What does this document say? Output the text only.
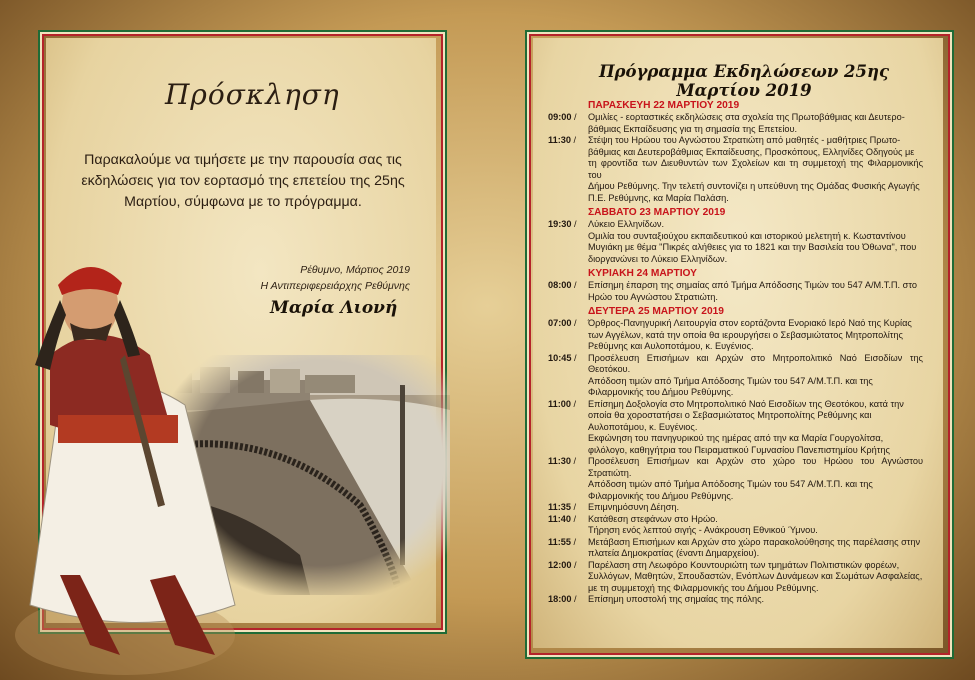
Πρόσκληση
Παρακαλούμε να τιμήσετε με την παρουσία σας τις
εκδηλώσεις για τον εορτασμό της επετείου της 25ης
Μαρτίου, σύμφωνα με το πρόγραμμα.
Ρέθυμνο, Μάρτιος 2019
Η Αντιπεριφερειάρχης Ρεθύμνης
Μαρία Λιονή
Πρόγραμμα Εκδηλώσεων 25ης Μαρτίου 2019
ΠΑΡΑΣΚΕΥΗ 22 ΜΑΡΤΙΟΥ 2019
09:00 /	Ομιλίες - εορταστικές εκδηλώσεις στα σχολεία της Πρωτοβάθμιας και Δευτερο-
βάθμιας Εκπαίδευσης για τη σημασία της Επετείου.
11:30 /	Στέψη του Ηρώου του Αγνώστου Στρατιώτη από μαθητές - μαθήτριες Πρωτο-
βάθμιας και Δευτεροβάθμιας Εκπαίδευσης, Προσκόπους, Ελληνίδες Οδηγούς με
τη φροντίδα των Διευθυντών των Σχολείων και τη συμμετοχή της Φιλαρμονικής του
Δήμου Ρεθύμνης. Την τελετή συντονίζει η υπεύθυνη της Ομάδας Φυσικής Αγωγής
Π.Ε. Ρεθύμνης, κα Μαρία Παλάση.
ΣΑΒΒΑΤΟ 23 ΜΑΡΤΙΟΥ 2019
19:30 /	Λύκειο Ελληνίδων.
Ομιλία του συνταξιούχου εκπαιδευτικού και ιστορικού μελετητή κ. Κωσταντίνου
Μυγιάκη με θέμα "Πικρές αλήθειες για το 1821 και την Βασιλεία του Όθωνα", που
διοργανώνει το Λύκειο Ελληνίδων.
ΚΥΡΙΑΚΗ 24 ΜΑΡΤΙΟΥ
08:00 /	Επίσημη έπαρση της σημαίας από Τμήμα Απόδοσης Τιμών του 547 Α/Μ.Τ.Π. στο
Ηρώο του Αγνώστου Στρατιώτη.
ΔΕΥΤΕΡΑ 25 ΜΑΡΤΙΟΥ 2019
07:00 /	Όρθρος-Πανηγυρική Λειτουργία στον εορτάζοντα Ενοριακό Ιερό Ναό της Κυρίας
των Αγγέλων, κατά την οποία θα ιερουργήσει ο Σεβασμιώτατος Μητροπολίτης
Ρεθύμνης και Αυλοποτάμου, κ. Ευγένιος.
10:45 /	Προσέλευση Επισήμων και Αρχών στο Μητροπολιτικό Ναό Εισοδίων της Θεοτόκου.
Απόδοση τιμών από Τμήμα Απόδοσης Τιμών του 547 Α/Μ.Τ.Π. και της
Φιλαρμονικής του Δήμου Ρεθύμνης.
11:00 /	Επίσημη Δοξολογία στο Μητροπολιτικό Ναό Εισοδίων της Θεοτόκου, κατά την
οποία θα χοροστατήσει ο Σεβασμιώτατος Μητροπολίτης Ρεθύμνης και
Αυλοποτάμου, κ. Ευγένιος.
Εκφώνηση του πανηγυρικού της ημέρας από την κα Μαρία Γουργολίτσα,
φιλόλογο, καθηγήτρια του Πειραματικού Γυμνασίου Πανεπιστημίου Κρήτης
11:30 /	Προσέλευση Επισήμων και Αρχών στο χώρο του Ηρώου του Αγνώστου Στρατιώτη.
Απόδοση τιμών από Τμήμα Απόδοσης Τιμών του 547 Α/Μ.Τ.Π. και της
Φιλαρμονικής του Δήμου Ρεθύμνης.
11:35 /	Επιμνημόσυνη Δέηση.
11:40 /	Κατάθεση στεφάνων στο Ηρώο.
Τήρηση ενός λεπτού σιγής - Ανάκρουση Εθνικού Ύμνου.
11:55 /	Μετάβαση Επισήμων και Αρχών στο χώρο παρακολούθησης της παρέλασης στην
πλατεία Δημοκρατίας (έναντι Δημαρχείου).
12:00 /	Παρέλαση στη Λεωφόρο Κουντουριώτη των τμημάτων Πολιτιστικών φορέων,
Συλλόγων, Μαθητών, Σπουδαστών, Ενόπλων Δυνάμεων και Σωμάτων Ασφαλείας,
με τη συμμετοχή της Φιλαρμονικής του Δήμου Ρεθύμνης.
18:00 /	Επίσημη υποστολή της σημαίας της πόλης.
